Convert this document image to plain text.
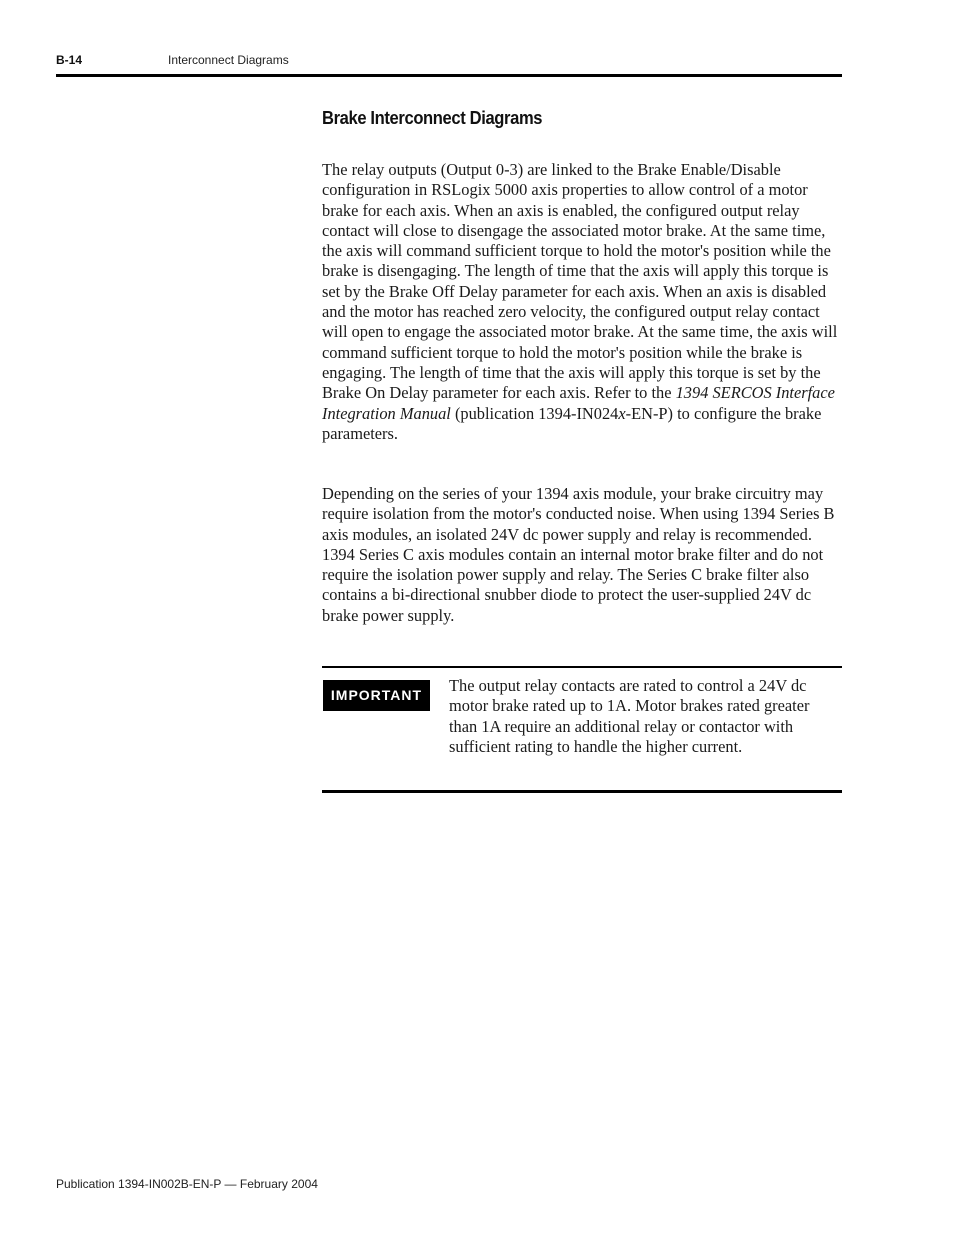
B-14	Interconnect Diagrams
Brake Interconnect Diagrams

The relay outputs (Output 0-3) are linked to the Brake Enable/Disable configuration in RSLogix 5000 axis properties to allow control of a motor brake for each axis. When an axis is enabled, the configured output relay contact will close to disengage the associated motor brake. At the same time, the axis will command sufficient torque to hold the motor's position while the brake is disengaging. The length of time that the axis will apply this torque is set by the Brake Off Delay parameter for each axis. When an axis is disabled and the motor has reached zero velocity, the configured output relay contact will open to engage the associated motor brake. At the same time, the axis will command sufficient torque to hold the motor's position while the brake is engaging. The length of time that the axis will apply this torque is set by the Brake On Delay parameter for each axis. Refer to the 1394 SERCOS Interface Integration Manual (publication 1394-IN024x-EN-P) to configure the brake parameters.

Depending on the series of your 1394 axis module, your brake circuitry may require isolation from the motor's conducted noise. When using 1394 Series B axis modules, an isolated 24V dc power supply and relay is recommended. 1394 Series C axis modules contain an internal motor brake filter and do not require the isolation power supply and relay. The Series C brake filter also contains a bi-directional snubber diode to protect the user-supplied 24V dc brake power supply.

IMPORTANT	The output relay contacts are rated to control a 24V dc motor brake rated up to 1A. Motor brakes rated greater than 1A require an additional relay or contactor with sufficient rating to handle the higher current.

Publication 1394-IN002B-EN-P — February 2004
